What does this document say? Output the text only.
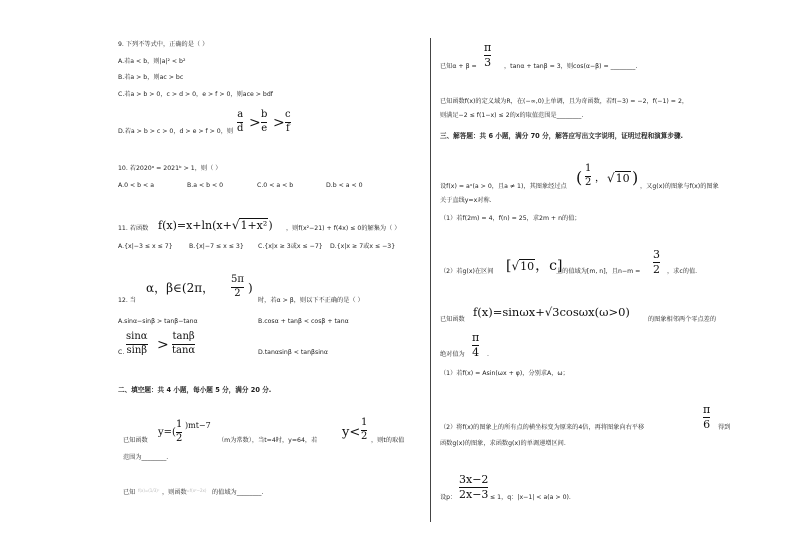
9. 下列不等式中，正确的是（ ）
A.若a < b，则|a|² < b²
B.若a > b，则ac > bc
C.若a > b > 0，c > d > 0，e > f > 0，则ace > bdf
D.若a > b > c > 0，d > e > f > 0，则
a
d >
b
e >
c
f
10. 若2020ᵃ = 2021ᵇ > 1，则（ ）
A.0 < b < a	B.a < b < 0	C.0 < a < b	D.b < a < 0
11. 若函数 f(x)=x+ln(x+√1+x²) ，则f(x²−21) + f(4x) ≤ 0的解集为（ ）
A.{x|−3 ≤ x ≤ 7}	B.{x|−7 ≤ x ≤ 3} C.{x|x ≥ 3或x ≤ −7} D.{x|x ≥ 7或x ≤ −3}
12. 当
α，β∈(2π，
5π
2 )
时，若α > β，则以下不正确的是（ ）
A.sinα−sinβ > tanβ−tanα	B.cosα + tanβ < cosβ + tanα
C.
sinα
sinβ >
tanβ
tanα	D.tanαsinβ < tanβsinα
二、填空题：共 4 小题，每小题 5 分，满分 20 分.
已知函数
y=(
1
2
)mt−7
（m为常数），当t=4时，y=64，若
y<
1
2 ，则t的取值
范围为________.
已知 f(x)=(1/3)ˣ ，则函数
y=f(x²−2x) 的值域为________.
已知α + β =
π
3 ，tanα + tanβ = 3，则cos(α−β) = ________.
已知函数f(x)的定义域为R，在(−∞,0)上单调，且为奇函数，若f(−3) = −2，f(−1) = 2，
则满足−2 ≤ f(1−x) ≤ 2的x的取值范围是________.
三、解答题：共 6 小题，满分 70 分，解答应写出文字说明，证明过程和演算步骤.
设f(x) = aˣ(a > 0，且a ≠ 1)，其图象经过点 ( 1
2 ， √10 ) ，又g(x)的图象与f(x)的图象
关于直线y=x对称.
（1）若f(2m) = 4，f(n) = 25，求2m + n的值；
（2）若g(x)在区间 [√10，c]
上的值域为[m, n]，且n−m =
3
2 ，求c的值.
已知函数
f(x)=sinωx+√3cosωx(ω>0)
的图象相邻两个零点差的
绝对值为
π
4 .
（1）若f(x) = Asin(ωx + φ)，分别求A，ω；
（2）将f(x)的图象上的所有点的横坐标变为原来的4倍，再将图象向右平移
π
6 得到
函数g(x)的图象，求函数g(x)的单调递增区间.
设p：
3x−2
2x−3 ≤ 1，q：|x−1| < a(a > 0).
